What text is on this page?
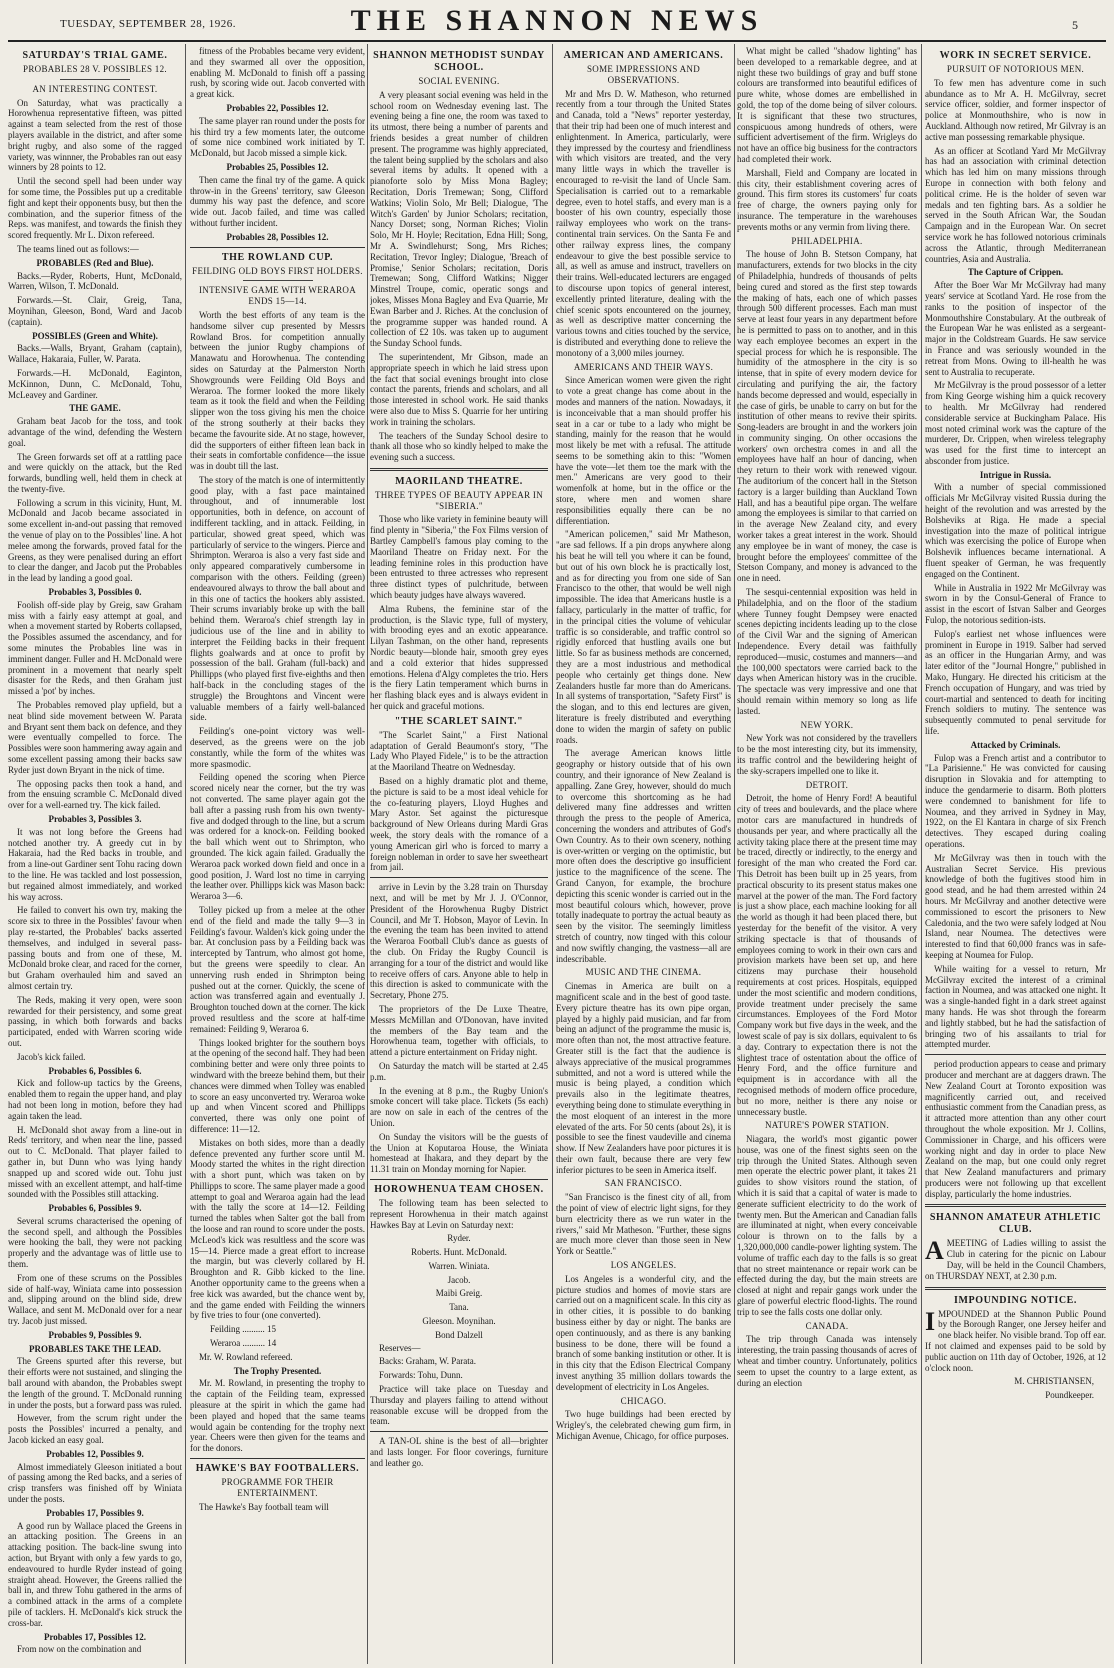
TUESDAY, SEPTEMBER 28, 1926.	THE SHANNON NEWS	5
SATURDAY'S TRIAL GAME.
PROBABLES 28 V. POSSIBLES 12.
AN INTERESTING CONTEST.

On Saturday, what was practically a Horowhenua representative fifteen, was pitted against a team selected from the rest of those players available in the district, and after some bright rugby, and also some of the ragged variety, was winnner, the Probables ran out easy winners by 28 points to 12.

Until the second spell had been under way for some time, the Possibles put up a creditable fight and kept their opponents busy, but then the combination, and the superior fitness of the Reps. was manifest, and towards the finish they scored frequently. Mr L. Dixon refereed.

The teams lined out as follows:—

PROBABLES (Red and Blue).

Backs.—Ryder, Roberts, Hunt, McDonald, Warren, Wilson, T. McDonald.

Forwards.—St. Clair, Greig, Tana, Moynihan, Gleeson, Bond, Ward and Jacob (captain).

POSSIBLES (Green and White).

Backs.—Walls, Bryant, Graham (captain), Wallace, Hakaraia, Fuller, W. Parata.

Forwards.—H. McDonald, Eaginton, McKinnon, Dunn, C. McDonald, Tohu, McLeavey and Gardiner.

THE GAME.

Graham beat Jacob for the toss, and took advantage of the wind, defending the Western goal.

The Green forwards set off at a rattling pace and were quickly on the attack, but the Red forwards, bundling well, held them in check at the twenty-five.

Following a scrum in this vicinity, Hunt, M. McDonald and Jacob became associated in some excellent in-and-out passing that removed the venue of play on to the Possibles' line. A hot melee among the forwards, proved fatal for the Greens, as they were penalised during an effort to clear the danger, and Jacob put the Probables in the lead by landing a good goal.

Probables 3, Possibles 0.

Foolish off-side play by Greig, saw Graham miss with a fairly easy attempt at goal, and when a movement started by Roberts collapsed, the Possibles assumed the ascendancy, and for some minutes the Probables line was in imminent danger. Fuller and H. McDonald were prominent in a movement that nearly spelt disaster for the Reds, and then Graham just missed a 'pot' by inches.

The Probables removed play upfield, but a neat blind side movement between W. Parata and Bryant sent them back on defence, and they were eventually compelled to force. The Possibles were soon hammering away again and some excellent passing among their backs saw Ryder just down Bryant in the nick of time.

The opposing packs then took a hand, and from the ensuing scramble C. McDonald dived over for a well-earned try. The kick failed.

Probables 3, Possibles 3.

It was not long before the Greens had notched another try. A greedy cut in by Hakaraia, had the Red backs in trouble, and from a line-out Gardiner sent Tohu racing down to the line. He was tackled and lost possession, but regained almost immediately, and worked his way across.

He failed to convert his own try, making the score six to three in the Possibles' favour when play re-started, the Probables' backs asserted themselves, and indulged in several pass-passing bouts and from one of these, M. McDonald broke clear, and raced for the corner, but Graham overhauled him and saved an almost certain try.

The Reds, making it very open, were soon rewarded for their persistency, and some great passing, in which both forwards and backs participated, ended with Warren scoring wide out.

Jacob's kick failed.

Probables 6, Possibles 6.

Kick and follow-up tactics by the Greens, enabled them to regain the upper hand, and play had not been long in motion, before they had again taken the lead.

H. McDonald shot away from a line-out in Reds' territory, and when near the line, passed out to C. McDonald. That player failed to gather in, but Dunn who was lying handy snapped up and scored wide out. Tohu just missed with an excellent attempt, and half-time sounded with the Possibles still attacking.

Probables 6, Possibles 9.

Several scrums characterised the opening of the second spell, and although the Possibles were hooking the ball, they were not packing properly and the advantage was of little use to them.

From one of these scrums on the Possibles side of half-way, Winiata came into possession and, slipping around on the blind side, drew Wallace, and sent M. McDonald over for a near try. Jacob just missed.

Probables 9, Possibles 9.
PROBABLES TAKE THE LEAD.

The Greens spurted after this reverse, but their efforts were not sustained, and slinging the ball around with abandon, the Probables swept the length of the ground. T. McDonald running in under the posts, but a forward pass was ruled.

However, from the scrum right under the posts the Possibles' incurred a penalty, and Jacob kicked an easy goal.

Probables 12, Possibles 9.

Almost immediately Gleeson initiated a bout of passing among the Red backs, and a series of crisp transfers was finished off by Winiata under the posts.

Probables 17, Possibles 9.

A good run by Wallace placed the Greens in an attacking position. The Greens in an attacking position. The back-line swung into action, but Bryant with only a few yards to go, endeavoured to hurdle Ryder instead of going straight ahead. However, the Greens rallied the ball in, and threw Tohu gathered in the arms of a combined attack in the arms of a complete pile of tacklers. H. McDonald's kick struck the cross-bar.

Probables 17, Possibles 12.

From now on the combination and

fitness of the Probables became very evident, and they swarmed all over the opposition, enabling M. McDonald to finish off a passing rush, by scoring wide out. Jacob converted with a great kick.

Probables 22, Possibles 12.

The same player ran round under the posts for his third try a few moments later, the outcome of some nice combined work initiated by T. McDonald, but Jacob missed a simple kick.

Probables 25, Possibles 12.

Then came the final try of the game. A quick throw-in in the Greens' territory, saw Gleeson dummy his way past the defence, and score wide out. Jacob failed, and time was called without further incident.

Probables 28, Possibles 12.
THE ROWLAND CUP.
FEILDING OLD BOYS FIRST HOLDERS.
INTENSIVE GAME WITH WERAROA ENDS 15—14.

Worth the best efforts of any team is the handsome silver cup presented by Messrs Rowland Bros. for competition annually between the junior Rugby champions of Manawatu and Horowhenua. The contending sides on Saturday at the Palmerston North Showgrounds were Feilding Old Boys and Weraroa. The former looked the more likely team as it took the field and when the Feilding slipper won the toss giving his men the choice of the strong southerly at their backs they became the favourite side. At no stage, however, did the supporters of either fifteen lean back in their seats in comfortable confidence—the issue was in doubt till the last.

The story of the match is one of intermittently good play, with a fast pace maintained throughout, and of innumerable lost opportunities, both in defence, on account of indifferent tackling, and in attack. Feilding, in particular, showed great speed, which was particularly of service to the wingers. Pierce and Shrimpton. Weraroa is also a very fast side and only appeared comparatively cumbersome in comparison with the others. Feilding (green) endeavoured always to throw the ball about and in this one of tactics the hookers ably assisted. Their scrums invariably broke up with the ball behind them. Weraroa's chief strength lay in judicious use of the line and in ability to interpret the Feilding backs in their frequent flights goalwards and at once to profit by possession of the ball. Graham (full-back) and Phillipps (who played first five-eighths and then half-back in the concluding stages of the struggle) the Broughtons and Vincent were valuable members of a fairly well-balanced side.

Feilding's one-point victory was well-deserved, as the greens were on the job constantly, while the form of the whites was more spasmodic.

Feilding opened the scoring when Pierce scored nicely near the corner, but the try was not converted. The same player again got the ball after a passing rush from his own twenty-five and dodged through to the line, but a scrum was ordered for a knock-on. Feilding booked the ball which went out to Shrimpton, who grounded. The kick again failed. Gradually the Weraroa pack worked down field and once in a good position, J. Ward lost no time in carrying the leather over. Phillipps kick was Mason back: Weraroa 3—6.

Tolley picked up from a melee at the other end of the field and made the tally 9—3 in Feilding's favour. Walden's kick going under the bar. At conclusion pass by a Feilding back was intercepted by Tantrum, who almost got home, but the greens were speedily to clear. An unnerving rush ended in Shrimpton being pushed out at the corner. Quickly, the scene of action was transferred again and eventually J. Broughton touched down at the corner. The kick proved resultless and the score at half-time remained: Feilding 9, Weraroa 6.

Things looked brighter for the southern boys at the opening of the second half. They had been combining better and were only three points to windward with the breeze behind them, but their chances were dimmed when Tolley was enabled to score an easy unconverted try. Weraroa woke up and when Vincent scored and Phillipps converted, there was only one point of difference: 11—12.

Mistakes on both sides, more than a deadly defence prevented any further score until M. Moody started the whites in the right direction with a short punt, which was taken on by Phillipps to score. The same player made a good attempt to goal and Weraroa again had the lead with the tally the score at 14—12. Feilding turned the tables when Salter got the ball from the loose and ran round to score under the posts. McLeod's kick was resultless and the score was 15—14. Pierce made a great effort to increase the margin, but was cleverly collared by H. Broughton and R. Gibb kicked to the line. Another opportunity came to the greens when a free kick was awarded, but the chance went by, and the game ended with Feilding the winners by five tries to four (one converted).

Feilding .......... 15

Weraroa .......... 14

Mr. W. Rowland refereed.

The Trophy Presented.

Mr. M. Rowland, in presenting the trophy to the captain of the Feilding team, expressed pleasure at the spirit in which the game had been played and hoped that the same teams would again be contending for the trophy next year. Cheers were then given for the teams and for the donors.

HAWKE'S BAY FOOTBALLERS.
PROGRAMME FOR THEIR ENTERTAINMENT.

The Hawke's Bay football team will

SHANNON METHODIST SUNDAY SCHOOL.
SOCIAL EVENING.

A very pleasant social evening was held in the school room on Wednesday evening last. The evening being a fine one, the room was taxed to its utmost, there being a number of parents and friends besides a great number of children present. The programme was highly appreciated, the talent being supplied by the scholars and also several items by adults. It opened with a pianoforte solo by Miss Mona Bagley; Recitation, Doris Tremewan; Song, Clifford Watkins; Violin Solo, Mr Bell; Dialogue, 'The Witch's Garden' by Junior Scholars; recitation, Nancy Dorset; song, Norman Riches; Violin Solo, Mr H. Hoyle; Recitation, Edna Hill; Song, Mr A. Swindlehurst; Song, Mrs Riches; Recitation, Trevor Ingley; Dialogue, 'Breach of Promise,' Senior Scholars; recitation, Doris Tremewan; Song, Clifford Watkins; Nigger Minstrel Troupe, comic, operatic songs and jokes, Misses Mona Bagley and Eva Quarrie, Mr Ewan Barber and J. Riches. At the conclusion of the programme supper was handed round. A collection of £2 10s. was taken up to augument the Sunday School funds.

The superintendent, Mr Gibson, made an appropriate speech in which he laid stress upon the fact that social evenings brought into close contact the parents, friends and scholars, and all those interested in school work. He said thanks were also due to Miss S. Quarrie for her untiring work in training the scholars.

The teachers of the Sunday School desire to thank all those who so kindly helped to make the evening such a success.

MAORILAND THEATRE.
THREE TYPES OF BEAUTY APPEAR IN "SIBERIA."

Those who like variety in feminine beauty will find plenty in "Siberia," the Fox Films version of Bartley Campbell's famous play coming to the Maoriland Theatre on Friday next. For the leading feminine roles in this production have been entrusted to three actresses who represent three distinct types of pulchritude, between which beauty judges have always wavered.

Alma Rubens, the feminine star of the production, is the Slavic type, full of mystery, with brooding eyes and an exotic appearance. Lilyan Tashman, on the other hand, represents Nordic beauty—blonde hair, smooth grey eyes and a cold exterior that hides suppressed emotions. Helena d'Algy completes the trio. Hers is the fiery Latin temperament which burns in her flashing black eyes and is always evident in her quick and graceful motions.

"THE SCARLET SAINT."

"The Scarlet Saint," a First National adaptation of Gerald Beaumont's story, "The Lady Who Played Fidele," is to be the attraction at the Maoriland Theatre on Wednesday.

Based on a highly dramatic plot and theme, the picture is said to be a most ideal vehicle for the co-featuring players, Lloyd Hughes and Mary Astor. Set against the picturesque background of New Orleans during Mardi Gras week, the story deals with the romance of a young American girl who is forced to marry a foreign nobleman in order to save her sweetheart from jail.

arrive in Levin by the 3.28 train on Thursday next, and will be met by Mr J. J. O'Connor, President of the Horowhenua Rugby District Council, and Mr T. Hobson, Mayor of Levin. In the evening the team has been invited to attend the Weraroa Football Club's dance as guests of the club. On Friday the Rugby Council is arranging for a tour of the district and would like to receive offers of cars. Anyone able to help in this direction is asked to communicate with the Secretary, Phone 275.

The proprietors of the De Luxe Theatre, Messrs McMillan and O'Donovan, have invited the members of the Bay team and the Horowhenua team, together with officials, to attend a picture entertainment on Friday night.

On Saturday the match will be started at 2.45 p.m.

In the evening at 8 p.m., the Rugby Union's smoke concert will take place. Tickets (5s each) are now on sale in each of the centres of the Union.

On Sunday the visitors will be the guests of the Union at Koputaroa House, the Winiata homestead at Ihakara, and they depart by the 11.31 train on Monday morning for Napier.

HOROWHENUA TEAM CHOSEN.

The following team has been selected to represent Horowhenua in their match against Hawkes Bay at Levin on Saturday next:

Ryder.
Roberts. Hunt. McDonald.
Warren. Winiata.
Jacob.
Maibi Greig.
Tana.
Gleeson. Moynihan.
Bond Dalzell

Reserves—

Backs: Graham, W. Parata.

Forwards: Tohu, Dunn.

Practice will take place on Tuesday and Thursday and players failing to attend without reasonable excuse will be dropped from the team.

A TAN-OL shine is the best of all—brighter and lasts longer. For floor coverings, furniture and leather go.

AMERICAN AND AMERICANS.
SOME IMPRESSIONS AND OBSERVATIONS.

Mr and Mrs D. W. Matheson, who returned recently from a tour through the United States and Canada, told a "News" reporter yesterday, that their trip had been one of much interest and enlightenment. In America, particularly, were they impressed by the courtesy and friendliness with which visitors are treated, and the very many little ways in which the traveller is encouraged to re-visit the land of Uncle Sam. Specialisation is carried out to a remarkable degree, even to hotel staffs, and every man is a booster of his own country, especially those railway employees who work on the trans-continental train services. On the Santa Fe and other railway express lines, the company endeavour to give the best possible service to all, as well as amuse and instruct, travellers on their trains. Well-educated lecturers are engaged to discourse upon topics of general interest, excellently printed literature, dealing with the chief scenic spots encountered on the journey, as well as descriptive matter concerning the various towns and cities touched by the service, is distributed and everything done to relieve the monotony of a 3,000 miles journey.

AMERICANS AND THEIR WAYS.

Since American women were given the right to vote a great change has come about in the modes and manners of the nation. Nowadays, it is inconceivable that a man should proffer his seat in a car or tube to a lady who might be standing, mainly for the reason that he would most likely be met with a refusal. The attitude seems to be something akin to this: "Women have the vote—let them toe the mark with the men." Americans are very good to their womenfolk at home, but in the office or the store, where men and women share responsibilities equally there can be no differentiation.

"American policemen," said Mr Matheson, "are sad fellows. If a pin drops anywhere along his beat he will tell you where it can be found, but out of his own block he is practically lost, and as for directing you from one side of San Francisco to the other, that would be well nigh impossible. The idea that Americans hustle is a fallacy, particularly in the matter of traffic, for in the principal cities the volume of vehicular traffic is so considerable, and traffic control so rigidly enforced that hustling avails one but little. So far as business methods are concerned, they are a most industrious and methodical people who certainly get things done. New Zealanders hustle far more than do Americans. In all systems of transportation, "Safety First" is the slogan, and to this end lectures are given, literature is freely distributed and everything done to widen the margin of safety on public roads.

The average American knows little geography or history outside that of his own country, and their ignorance of New Zealand is appalling. Zane Grey, however, should do much to overcome this shortcoming as he had delivered many fine addresses and written through the press to the people of America, concerning the wonders and attributes of God's Own Country. As to their own scenery, nothing is over-written or verging on the optimistic, but more often does the descriptive go insufficient justice to the magnificence of the scene. The Grand Canyon, for example, the brochure depicting this scenic wonder is carried out in the most beautiful colours which, however, prove totally inadequate to portray the actual beauty as seen by the visitor. The seemingly limitless stretch of country, now tinged with this colour and now swiftly changing, the vastness—all are indescribable.

MUSIC AND THE CINEMA.

Cinemas in America are built on a magnificent scale and in the best of good taste. Every picture theatre has its own pipe organ, played by a highly paid musician, and far from being an adjunct of the programme the music is, more often than not, the most attractive feature. Greater still is the fact that the audience is always appreciative of the musical programmes submitted, and not a word is uttered while the music is being played, a condition which prevails also in the legitimate theatres, everything being done to stimulate everything in the most eloquent of an interest in the more elevated of the arts. For 50 cents (about 2s), it is possible to see the finest vaudeville and cinema show. If New Zealanders have poor pictures it is their own fault, because there are very few inferior pictures to be seen in America itself.

SAN FRANCISCO.

"San Francisco is the finest city of all, from the point of view of electric light signs, for they burn electricity there as we run water in the rivers," said Mr Matheson. "Further, these signs are much more clever than those seen in New York or Seattle."

LOS ANGELES.

Los Angeles is a wonderful city, and the picture studios and homes of movie stars are carried out on a magnificent scale. In this city as in other cities, it is possible to do banking business either by day or night. The banks are open continuously, and as there is any banking business to be done, there will be found a branch of some banking institution or other. It is in this city that the Edison Electrical Company invest anything 35 million dollars towards the development of electricity in Los Angeles.

CHICAGO.

Two huge buildings had been erected by Wrigley's, the celebrated chewing gum firm, in Michigan Avenue, Chicago, for office purposes.

What might be called "shadow lighting" has been developed to a remarkable degree, and at night these two buildings of gray and buff stone colours are transformed into beautiful edifices of pure white, whose domes are embellished in gold, the top of the dome being of silver colours. It is significant that these two structures, conspicuous among hundreds of others, were sufficient advertisement of the firm. Wrigleys do not have an office big business for the contractors had completed their work.

Marshall, Field and Company are located in this city, their establishment covering acres of ground. This firm stores its customers' fur coats free of charge, the owners paying only for insurance. The temperature in the warehouses prevents moths or any vermin from living there.

PHILADELPHIA.

The house of John B. Stetson Company, hat manufacturers, extends for two blocks in the city of Philadelphia, hundreds of thousands of pelts being cured and stored as the first step towards the making of hats, each one of which passes through 500 different processes. Each man must serve at least four years in any department before he is permitted to pass on to another, and in this way each employee becomes an expert in the special process for which he is responsible. The humidity of the atmosphere in the city is so intense, that in spite of every modern device for circulating and purifying the air, the factory hands become depressed and would, especially in the case of girls, be unable to carry on but for the institution of other means to revive their spirits. Song-leaders are brought in and the workers join in community singing. On other occasions the workers' own orchestra comes in and all the employees have half an hour of dancing, when they return to their work with renewed vigour. The auditorium of the concert hall in the Stetson factory is a larger building than Auckland Town Hall, and has a beautiful pipe organ. The welfare among the employees is similar to that carried on in the average New Zealand city, and every worker takes a great interest in the work. Should any employee be in want of money, the case is brought before the employees' committee of the Stetson Company, and money is advanced to the one in need.

The sesqui-centennial exposition was held in Philadelphia, and on the floor of the stadium where Tunney fought Dempsey were enacted scenes depicting incidents leading up to the close of the Civil War and the signing of American Independence. Every detail was faithfully reproduced—music, costumes and manners—and the 100,000 spectators were carried back to the days when American history was in the crucible. The spectacle was very impressive and one that should remain within memory so long as life lasted.

NEW YORK.

New York was not considered by the travellers to be the most interesting city, but its immensity, its traffic control and the bewildering height of the sky-scrapers impelled one to like it.

DETROIT.

Detroit, the home of Henry Ford! A beautiful city of trees and boulevards, and the place where motor cars are manufactured in hundreds of thousands per year, and where practically all the activity taking place there at the present time may be traced, directly or indirectly, to the energy and foresight of the man who created the Ford car. This Detroit has been built up in 25 years, from practical obscurity to its present status makes one marvel at the power of the man. The Ford factory is just a show place, each machine looking for all the world as though it had been placed there, but yesterday for the benefit of the visitor. A very striking spectacle is that of thousands of employees coming to work in their own cars and provision markets have been set up, and here citizens may purchase their household requirements at cost prices. Hospitals, equipped under the most scientific and modern conditions, provide treatment under precisely the same circumstances. Employees of the Ford Motor Company work but five days in the week, and the lowest scale of pay is six dollars, equivalent to 6s a day. Contrary to expectation there is not the slightest trace of ostentation about the office of Henry Ford, and the office furniture and equipment is in accordance with all the recognised methods of modern office procedure, but no more, neither is there any noise or unnecessary bustle.

NATURE'S POWER STATION.

Niagara, the world's most gigantic power house, was one of the finest sights seen on the trip through the United States. Although seven men operate the electric power plant, it takes 21 guides to show visitors round the station, of which it is said that a capital of water is made to generate sufficient electricity to do the work of twenty men. But the American and Canadian falls are illuminated at night, when every conceivable colour is thrown on to the falls by a 1,320,000,000 candle-power lighting system. The volume of traffic each day to the falls is so great that no street maintenance or repair work can be effected during the day, but the main streets are closed at night and repair gangs work under the glare of powerful electric flood-lights. The round trip to see the falls costs one dollar only.

CANADA.

The trip through Canada was intensely interesting, the train passing thousands of acres of wheat and timber country. Unfortunately, politics seem to upset the country to a large extent, as during an election

WORK IN SECRET SERVICE.
PURSUIT OF NOTORIOUS MEN.

To few men has adventure come in such abundance as to Mr A. H. McGilvray, secret service officer, soldier, and former inspector of police at Monmouthshire, who is now in Auckland. Although now retired, Mr Gilvray is an active man possessing remarkable physique.

As an officer at Scotland Yard Mr McGilvray has had an association with criminal detection which has led him on many missions through Europe in connection with both felony and political crime. He is the holder of seven war medals and ten fighting bars. As a soldier he served in the South African War, the Soudan Campaign and in the European War. On secret service work he has followed notorious criminals across the Atlantic, through Mediterranean countries, Asia and Australia.

The Capture of Crippen.

After the Boer War Mr McGilvray had many years' service at Scotland Yard. He rose from the ranks to the position of inspector of the Monmouthshire Constabulary. At the outbreak of the European War he was enlisted as a sergeant-major in the Coldstream Guards. He saw service in France and was seriously wounded in the retreat from Mons. Owing to ill-health he was sent to Australia to recuperate.

Mr McGilvray is the proud possessor of a letter from King George wishing him a quick recovery to health. Mr McGilvray had rendered considerable service at Buckingham Palace. His most noted criminal work was the capture of the murderer, Dr. Crippen, when wireless telegraphy was used for the first time to intercept an absconder from justice.

Intrigue in Russia.

With a number of special commissioned officials Mr McGilvray visited Russia during the height of the revolution and was arrested by the Bolsheviks at Riga. He made a special investigation into the maze of political intrigue which was exercising the police of Europe when Bolshevik influences became international. A fluent speaker of German, he was frequently engaged on the Continent.

While in Australia in 1922 Mr McGilvray was sworn in by the Consul-General of France to assist in the escort of Istvan Salber and Georges Fulop, the notorious sedition-ists.

Fulop's earliest net whose influences were prominent in Europe in 1919. Salber had served as an officer in the Hungarian Army, and was later editor of the "Journal Hongre," published in Mako, Hungary. He directed his criticism at the French occupation of Hungary, and was tried by court-martial and sentenced to death for inciting French soldiers to mutiny. The sentence was subsequently commuted to penal servitude for life.

Attacked by Criminals.

Fulop was a French artist and a contributor to "La Parisienne." He was convicted for causing disruption in Slovakia and for attempting to induce the gendarmerie to disarm. Both plotters were condemned to banishment for life to Noumea, and they arrived in Sydney in May, 1922, on the El Kantara in charge of six French detectives. They escaped during coaling operations.

Mr McGilvray was then in touch with the Australian Secret Service. His previous knowledge of both the fugitives stood him in good stead, and he had them arrested within 24 hours. Mr McGilvray and another detective were commissioned to escort the prisoners to New Caledonia, and the two were safely lodged at Nou Island, near Noumea. The detectives were interested to find that 60,000 francs was in safe-keeping at Noumea for Fulop.

While waiting for a vessel to return, Mr McGilvray excited the interest of a criminal faction in Noumea, and was attacked one night. It was a single-handed fight in a dark street against many hands. He was shot through the forearm and lightly stabbed, but he had the satisfaction of bringing two of his assailants to trial for attempted murder.

period production appears to cease and primary producer and merchant are at daggers drawn. The New Zealand Court at Toronto exposition was magnificently carried out, and received enthusiastic comment from the Canadian press, as it attracted more attention than any other court throughout the whole exposition. Mr J. Collins, Commissioner in Charge, and his officers were working night and day in order to place New Zealand on the map, but one could only regret that New Zealand manufacturers and primary producers were not following up that excellent display, particularly the home industries.

SHANNON AMATEUR ATHLETIC CLUB.

AMEETING of Ladies willing to assist the Club in catering for the picnic on Labour Day, will be held in the Council Chambers, on THURSDAY NEXT, at 2.30 p.m.

IMPOUNDING NOTICE.

IMPOUNDED at the Shannon Public Pound by the Borough Ranger, one Jersey heifer and one black heifer. No visible brand. Top off ear. If not claimed and expenses paid to be sold by public auction on 11th day of October, 1926, at 12 o'clock noon.

M. CHRISTIANSEN,

Poundkeeper.
